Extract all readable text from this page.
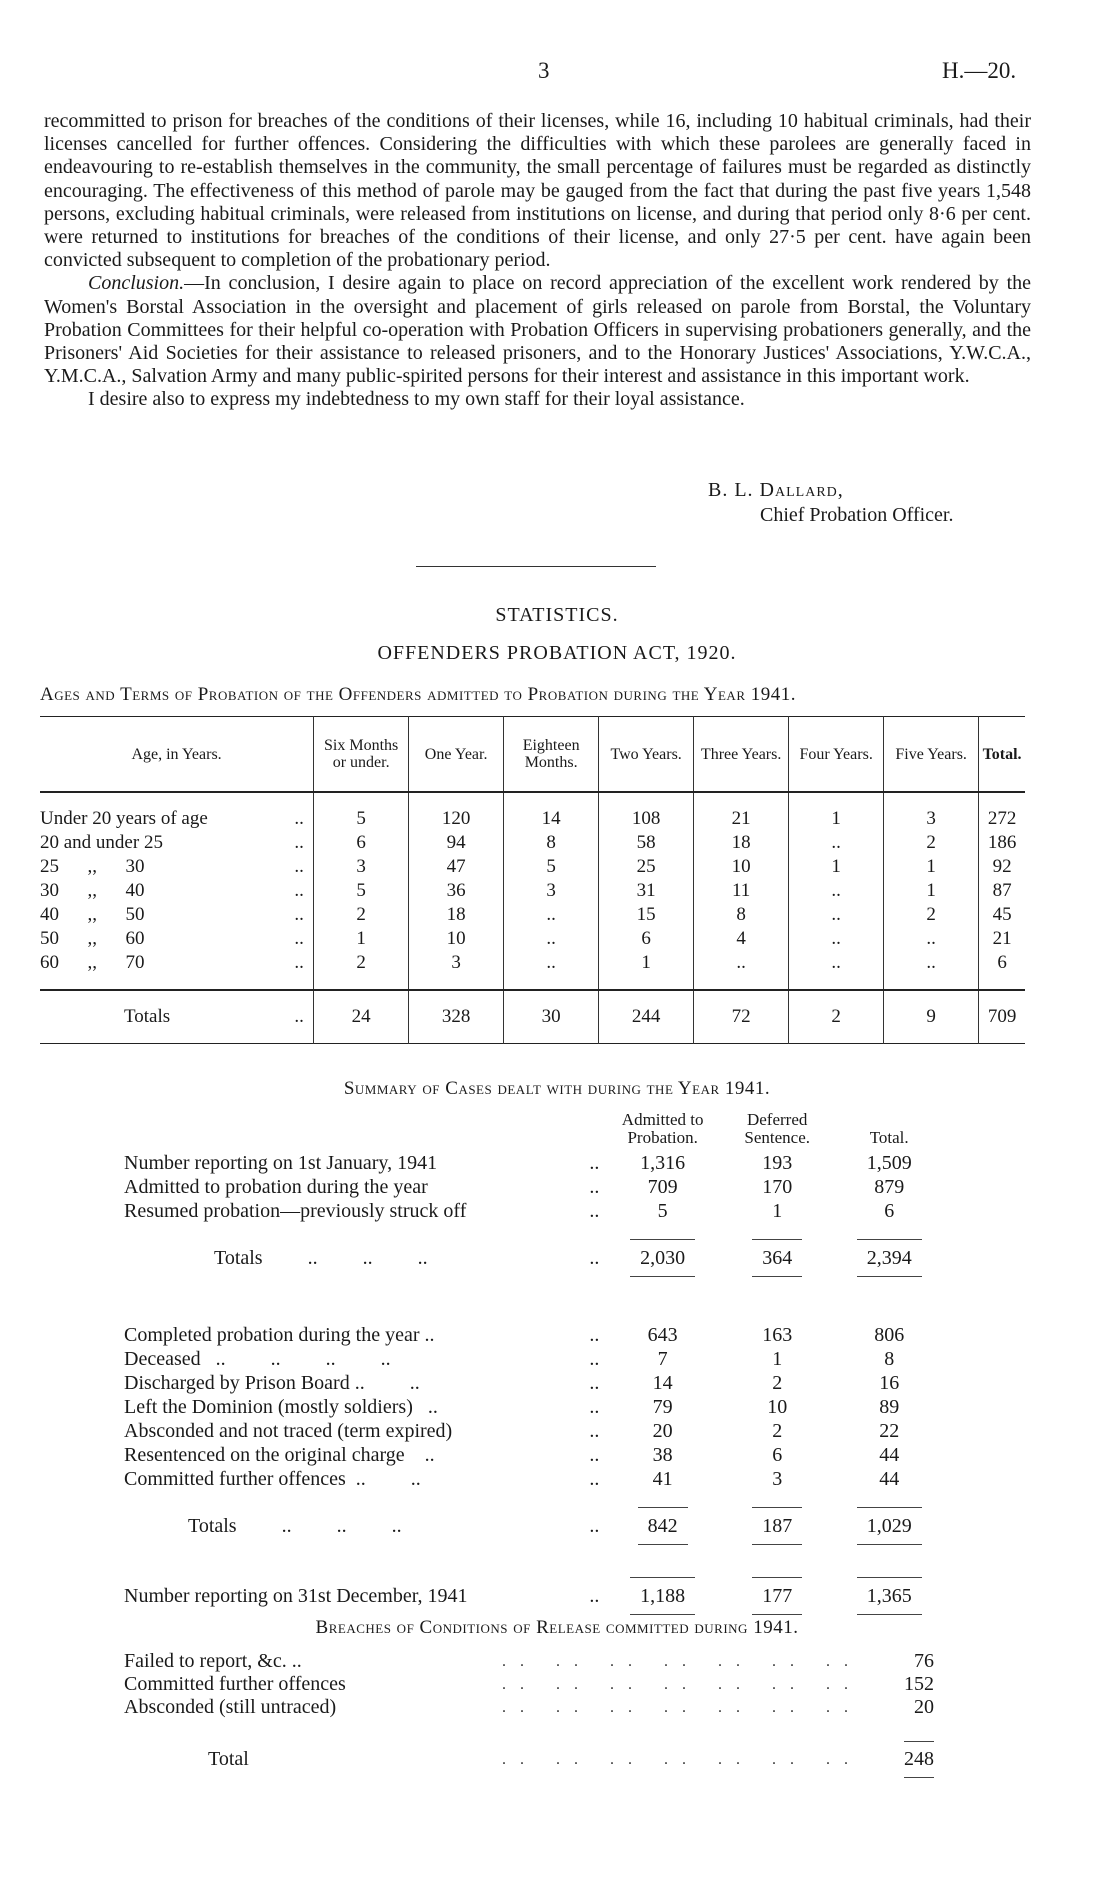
3	H.—20.

recommitted to prison for breaches of the conditions of their licenses, while 16, including 10 habitual criminals, had their licenses cancelled for further offences. Considering the difficulties with which these parolees are generally faced in endeavouring to re-establish themselves in the community, the small percentage of failures must be regarded as distinctly encouraging. The effectiveness of this method of parole may be gauged from the fact that during the past five years 1,548 persons, excluding habitual criminals, were released from institutions on license, and during that period only 8·6 per cent. were returned to institutions for breaches of the conditions of their license, and only 27·5 per cent. have again been convicted subsequent to completion of the probationary period.

Conclusion.—In conclusion, I desire again to place on record appreciation of the excellent work rendered by the Women's Borstal Association in the oversight and placement of girls released on parole from Borstal, the Voluntary Probation Committees for their helpful co-operation with Probation Officers in supervising probationers generally, and the Prisoners' Aid Societies for their assistance to released prisoners, and to the Honorary Justices' Associations, Y.W.C.A., Y.M.C.A., Salvation Army and many public-spirited persons for their interest and assistance in this important work.

I desire also to express my indebtedness to my own staff for their loyal assistance.

B. L. Dallard,
Chief Probation Officer.
STATISTICS.
OFFENDERS PROBATION ACT, 1920.
Ages and Terms of Probation of the Offenders admitted to Probation during the Year 1941.
Age, in Years.		Six Months or under.	One Year.	Eighteen Months.	Two Years.	Three Years.	Four Years.	Five Years.	Total.
Under 20 years of age	..	5	120	14	108	21	1	3	272
20 and under 25	..	6	94	8	58	18	..	2	186
25      ,,      30	..	3	47	5	25	10	1	1	92
30      ,,      40	..	5	36	3	31	11	..	1	87
40      ,,      50	..	2	18	..	15	8	..	2	45
50      ,,      60	..	1	10	..	6	4	..	..	21
60      ,,      70	..	2	3	..	1	..	..	..	6
Totals	..	24	328	30	244	72	2	9	709
Summary of Cases dealt with during the Year 1941.
		Admitted to Probation.	Deferred Sentence.	Total.
Number reporting on 1st January, 1941	..	1,316	193	1,509
Admitted to probation during the year	..	709	170	879
Resumed probation—previously struck off	..	5	1	6
Totals         ..         ..         ..	..	2,030	364	2,394

Completed probation during the year ..	..	643	163	806
Deceased   ..         ..         ..         ..	..	7	1	8
Discharged by Prison Board ..         ..	..	14	2	16
Left the Dominion (mostly soldiers)   ..	..	79	10	89
Absconded and not traced (term expired)	..	20	2	22
Resentenced on the original charge    ..	..	38	6	44
Committed further offences  ..         ..	..	41	3	44
Totals         ..         ..         ..	..	842	187	1,029
Number reporting on 31st December, 1941	..	1,188	177	1,365
Breaches of Conditions of Release committed during 1941.
Failed to report, &c. ..	.. .. .. .. .. .. ..	76
Committed further offences	.. .. .. .. .. .. ..	152
Absconded (still untraced)	.. .. .. .. .. .. ..	20
Total	.. .. .. .. .. .. ..	248
